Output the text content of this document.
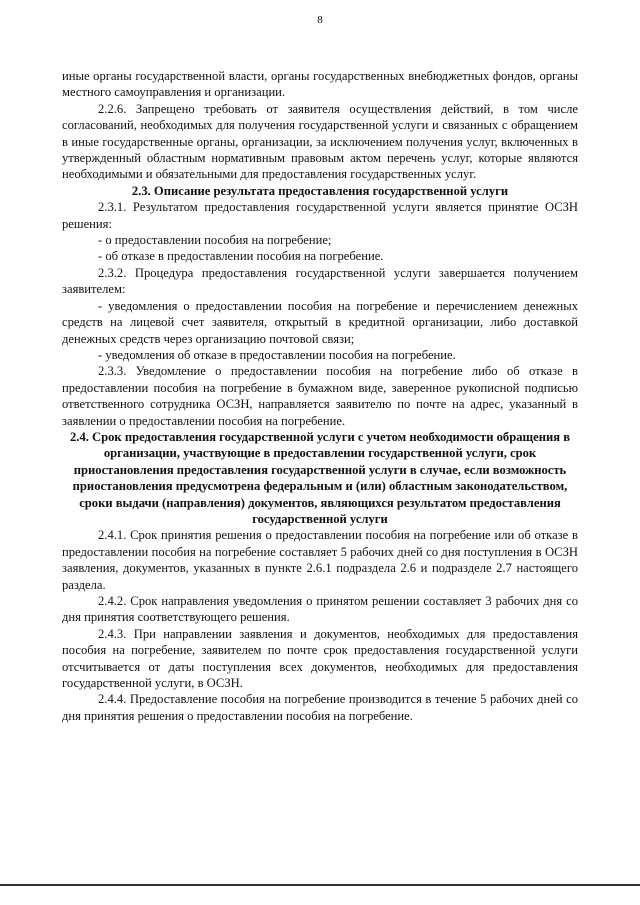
8

иные органы государственной власти, органы государственных внебюджетных фондов, органы местного самоуправления и организации.

2.2.6. Запрещено требовать от заявителя осуществления действий, в том числе согласований, необходимых для получения государственной услуги и связанных с обращением в иные государственные органы, организации, за исключением получения услуг, включенных в утвержденный областным нормативным правовым актом перечень услуг, которые являются необходимыми и обязательными для предоставления государственных услуг.

2.3. Описание результата предоставления государственной услуги

2.3.1. Результатом предоставления государственной услуги является принятие ОСЗН решения:

- о предоставлении пособия на погребение;

- об отказе в предоставлении пособия на погребение.

2.3.2. Процедура предоставления государственной услуги завершается получением заявителем:

- уведомления о предоставлении пособия на погребение и перечислением денежных средств на лицевой счет заявителя, открытый в кредитной организации, либо доставкой денежных средств через организацию почтовой связи;

- уведомления об отказе в предоставлении пособия на погребение.

2.3.3. Уведомление о предоставлении пособия на погребение либо об отказе в предоставлении пособия на погребение в бумажном виде, заверенное рукописной подписью ответственного сотрудника ОСЗН, направляется заявителю по почте на адрес, указанный в заявлении о предоставлении пособия на погребение.

2.4. Срок предоставления государственной услуги с учетом необходимости обращения в организации, участвующие в предоставлении государственной услуги, срок приостановления предоставления государственной услуги в случае, если возможность приостановления предусмотрена федеральным и (или) областным законодательством, сроки выдачи (направления) документов, являющихся результатом предоставления государственной услуги

2.4.1. Срок принятия решения о предоставлении пособия на погребение или об отказе в предоставлении пособия на погребение составляет 5 рабочих дней со дня поступления в ОСЗН заявления, документов, указанных в пункте 2.6.1 подраздела 2.6 и подразделе 2.7 настоящего раздела.

2.4.2. Срок направления уведомления о принятом решении составляет 3 рабочих дня со дня принятия соответствующего решения.

2.4.3. При направлении заявления и документов, необходимых для предоставления пособия на погребение, заявителем по почте срок предоставления государственной услуги отсчитывается от даты поступления всех документов, необходимых для предоставления государственной услуги, в ОСЗН.

2.4.4. Предоставление пособия на погребение производится в течение 5 рабочих дней со дня принятия решения о предоставлении пособия на погребение.
